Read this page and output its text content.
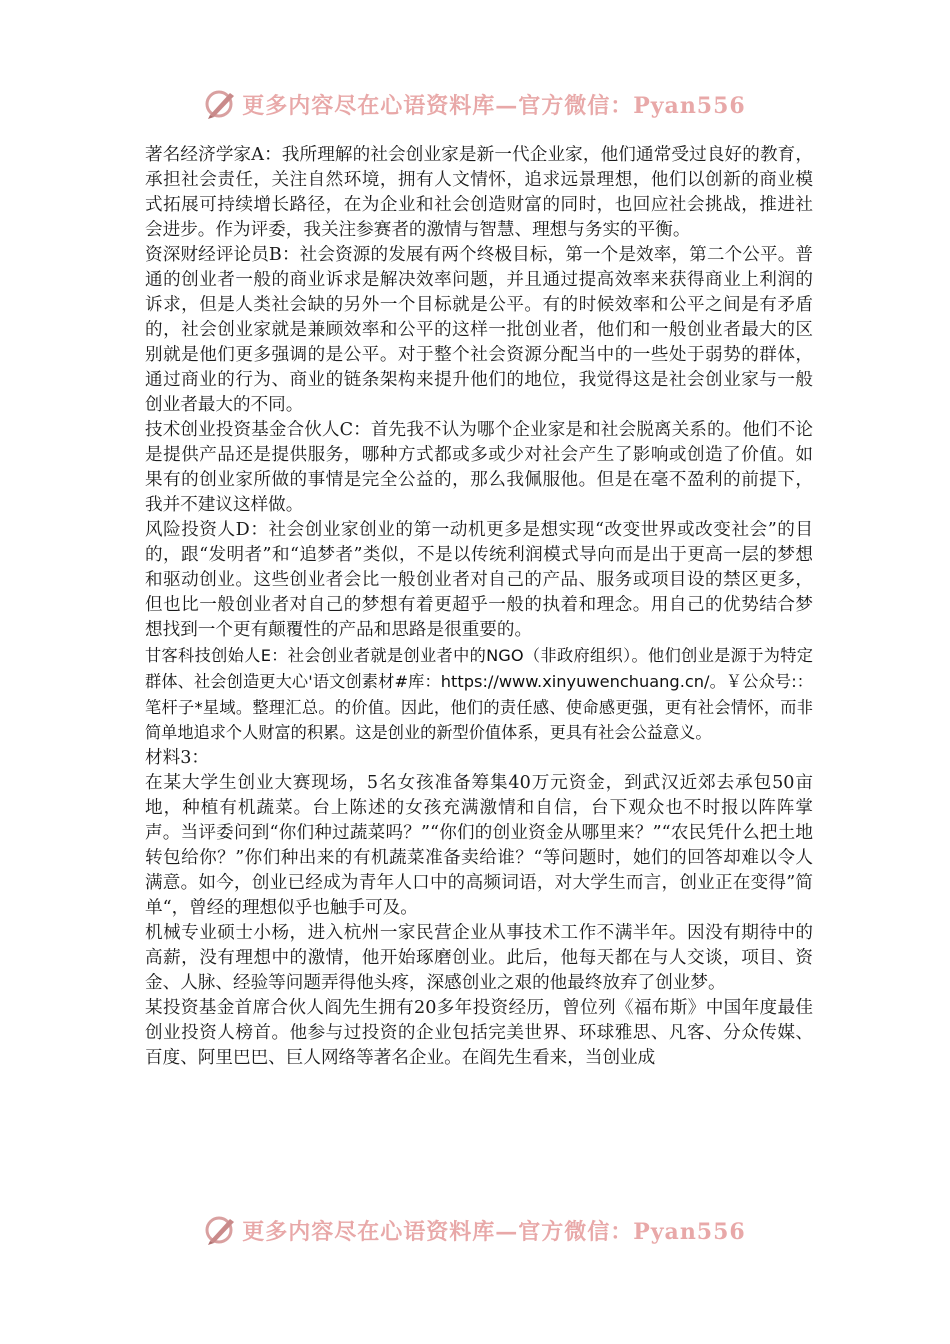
更多内容尽在心语资料库—官方微信：Pyan556

著名经济学家A：我所理解的社会创业家是新一代企业家，他们通常受过良好的教育，承担社会责任，关注自然环境，拥有人文情怀，追求远景理想，他们以创新的商业模式拓展可持续增长路径，在为企业和社会创造财富的同时，也回应社会挑战，推进社会进步。作为评委，我关注参赛者的激情与智慧、理想与务实的平衡。

资深财经评论员B：社会资源的发展有两个终极目标，第一个是效率，第二个公平。普通的创业者一般的商业诉求是解决效率问题，并且通过提高效率来获得商业上利润的诉求，但是人类社会缺的另外一个目标就是公平。有的时候效率和公平之间是有矛盾的，社会创业家就是兼顾效率和公平的这样一批创业者，他们和一般创业者最大的区别就是他们更多强调的是公平。对于整个社会资源分配当中的一些处于弱势的群体，通过商业的行为、商业的链条架构来提升他们的地位，我觉得这是社会创业家与一般创业者最大的不同。

技术创业投资基金合伙人C：首先我不认为哪个企业家是和社会脱离关系的。他们不论是提供产品还是提供服务，哪种方式都或多或少对社会产生了影响或创造了价值。如果有的创业家所做的事情是完全公益的，那么我佩服他。但是在毫不盈利的前提下，我并不建议这样做。

风险投资人D：社会创业家创业的第一动机更多是想实现“改变世界或改变社会”的目的，跟“发明者”和“追梦者”类似，不是以传统利润模式导向而是出于更高一层的梦想和驱动创业。这些创业者会比一般创业者对自己的产品、服务或项目设的禁区更多，但也比一般创业者对自己的梦想有着更超乎一般的执着和理念。用自己的优势结合梦想找到一个更有颠覆性的产品和思路是很重要的。

甘客科技创始人E：社会创业者就是创业者中的NGO（非政府组织）。他们创业是源于为特定群体、社会创造更大心'语文创素材#库：https://www.xinyuwenchuang.cn/。￥公众号:：笔杆子*星域。整理汇总。的价值。因此，他们的责任感、使命感更强，更有社会情怀，而非简单地追求个人财富的积累。这是创业的新型价值体系，更具有社会公益意义。

材料3：

在某大学生创业大赛现场，5名女孩准备筹集40万元资金，到武汉近郊去承包50亩地，种植有机蔬菜。台上陈述的女孩充满激情和自信，台下观众也不时报以阵阵掌声。当评委问到“你们种过蔬菜吗？”“你们的创业资金从哪里来？”“农民凭什么把土地转包给你？”你们种出来的有机蔬菜准备卖给谁？“等问题时，她们的回答却难以令人满意。如今，创业已经成为青年人口中的高频词语，对大学生而言，创业正在变得”简单“，曾经的理想似乎也触手可及。

机械专业硕士小杨，进入杭州一家民营企业从事技术工作不满半年。因没有期待中的高薪，没有理想中的激情，他开始琢磨创业。此后，他每天都在与人交谈，项目、资金、人脉、经验等问题弄得他头疼，深感创业之艰的他最终放弃了创业梦。

某投资基金首席合伙人阎先生拥有20多年投资经历，曾位列《福布斯》中国年度最佳创业投资人榜首。他参与过投资的企业包括完美世界、环球雅思、凡客、分众传媒、百度、阿里巴巴、巨人网络等著名企业。在阎先生看来，当创业成

更多内容尽在心语资料库—官方微信：Pyan556
